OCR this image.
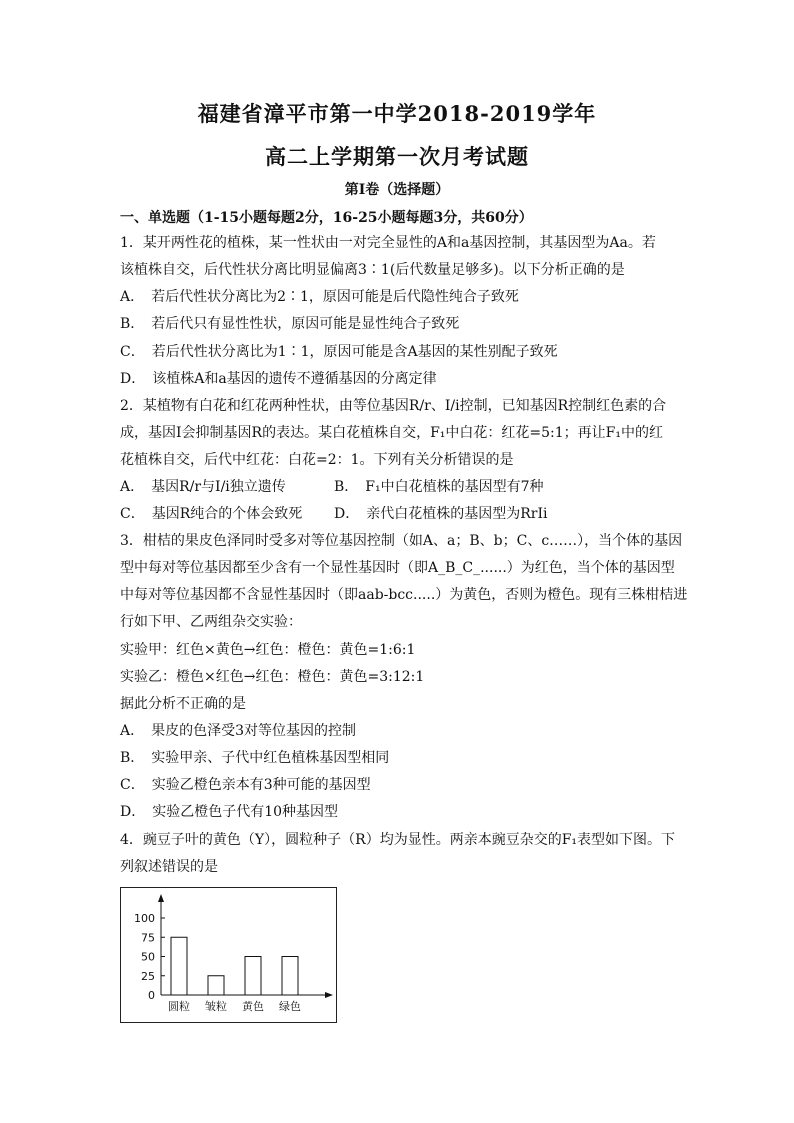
福建省漳平市第一中学2018-2019学年
高二上学期第一次月考试题
第I卷（选择题）
一、单选题（1-15小题每题2分，16-25小题每题3分，共60分）
1．某开两性花的植株，某一性状由一对完全显性的A和a基因控制，其基因型为Aa。若
该植株自交，后代性状分离比明显偏离3∶1(后代数量足够多)。以下分析正确的是
A．　若后代性状分离比为2∶1，原因可能是后代隐性纯合子致死
B．　若后代只有显性性状，原因可能是显性纯合子致死
C．　若后代性状分离比为1∶1，原因可能是含A基因的某性别配子致死
D．　该植株A和a基因的遗传不遵循基因的分离定律
2．某植物有白花和红花两种性状，由等位基因R/r、I/i控制，已知基因R控制红色素的合
成，基因I会抑制基因R的表达。某白花植株自交，F₁中白花：红花=5:1；再让F₁中的红
花植株自交，后代中红花：白花=2：1。下列有关分析错误的是
A．　基因R/r与I/i独立遗传	B．　F₁中白花植株的基因型有7种
C．　基因R纯合的个体会致死 D．　亲代白花植株的基因型为RrIi
3．柑桔的果皮色泽同时受多对等位基因控制（如A、a；B、b；C、c……），当个体的基因
型中每对等位基因都至少含有一个显性基因时（即A_B_C_......）为红色，当个体的基因型
中每对等位基因都不含显性基因时（即aab-bcc.....）为黄色，否则为橙色。现有三株柑桔进
行如下甲、乙两组杂交实验：
实验甲：红色×黄色→红色：橙色：黄色=1:6:1
实验乙：橙色×红色→红色：橙色：黄色=3:12:1
据此分析不正确的是
A．　果皮的色泽受3对等位基因的控制
B．　实验甲亲、子代中红色植株基因型相同
C．　实验乙橙色亲本有3种可能的基因型
D．　实验乙橙色子代有10种基因型
4．豌豆子叶的黄色（Y），圆粒种子（R）均为显性。两亲本豌豆杂交的F₁表型如下图。下
列叙述错误的是
0
25
50
75
100
圆粒 皱粒 黄色 绿色
